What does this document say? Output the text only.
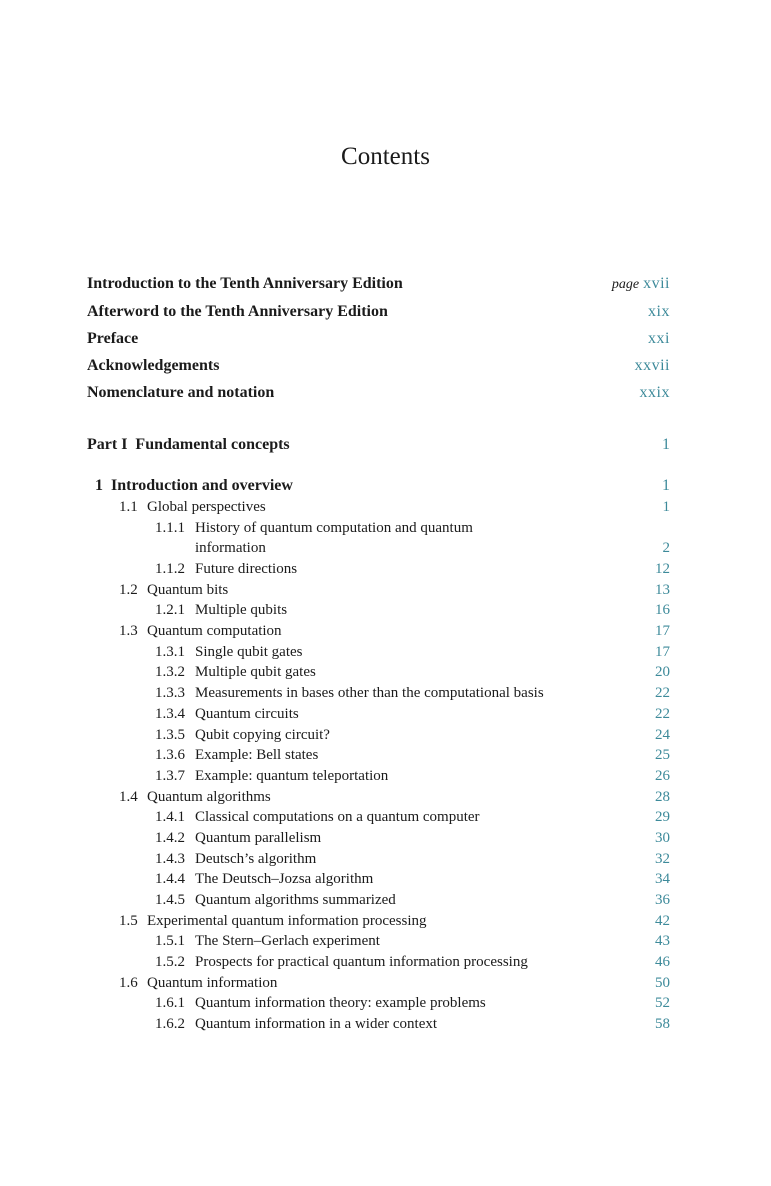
Contents
Introduction to the Tenth Anniversary Edition	page xvii
Afterword to the Tenth Anniversary Edition	xix
Preface	xxi
Acknowledgements	xxvii
Nomenclature and notation	xxix
Part I  Fundamental concepts	1
1 Introduction and overview	1
1.1 Global perspectives	1
1.1.1 History of quantum computation and quantum
information	2
1.1.2 Future directions	12
1.2 Quantum bits	13
1.2.1 Multiple qubits	16
1.3 Quantum computation	17
1.3.1 Single qubit gates	17
1.3.2 Multiple qubit gates	20
1.3.3 Measurements in bases other than the computational basis	22
1.3.4 Quantum circuits	22
1.3.5 Qubit copying circuit?	24
1.3.6 Example: Bell states	25
1.3.7 Example: quantum teleportation	26
1.4 Quantum algorithms	28
1.4.1 Classical computations on a quantum computer	29
1.4.2 Quantum parallelism	30
1.4.3 Deutsch’s algorithm	32
1.4.4 The Deutsch–Jozsa algorithm	34
1.4.5 Quantum algorithms summarized	36
1.5 Experimental quantum information processing	42
1.5.1 The Stern–Gerlach experiment	43
1.5.2 Prospects for practical quantum information processing	46
1.6 Quantum information	50
1.6.1 Quantum information theory: example problems	52
1.6.2 Quantum information in a wider context	58
